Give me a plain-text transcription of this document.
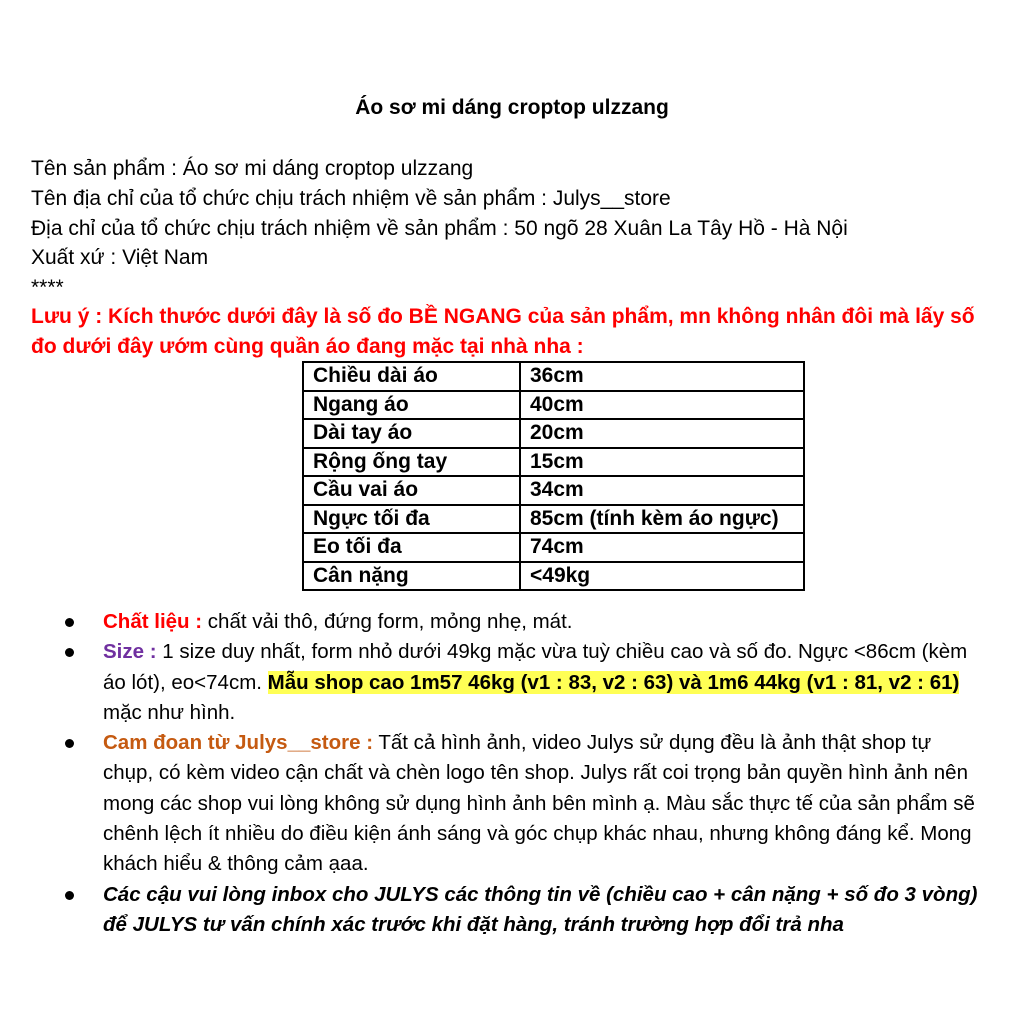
Áo sơ mi dáng croptop ulzzang
Tên sản phẩm : Áo sơ mi dáng croptop ulzzang
Tên địa chỉ của tổ chức chịu trách nhiệm về sản phẩm : Julys__store
Địa chỉ của tổ chức chịu trách nhiệm về sản phẩm : 50 ngõ 28 Xuân La Tây Hồ - Hà Nội
Xuất xứ : Việt Nam
****
Lưu ý : Kích thước dưới đây là số đo BỀ NGANG của sản phẩm, mn không nhân đôi mà lấy số đo dưới đây ướm cùng quần áo đang mặc tại nhà nha :
Chiều dài áo	36cm
Ngang áo	40cm
Dài tay áo	20cm
Rộng ống tay	15cm
Cầu vai áo	34cm
Ngực tối đa	85cm (tính kèm áo ngực)
Eo tối đa	74cm
Cân nặng	<49kg
Chất liệu : chất vải thô, đứng form, mỏng nhẹ, mát.
Size : 1 size duy nhất, form nhỏ dưới 49kg mặc vừa tuỳ chiều cao và số đo. Ngực <86cm (kèm áo lót), eo<74cm. Mẫu shop cao 1m57 46kg (v1 : 83, v2 : 63) và 1m6 44kg (v1 : 81, v2 : 61) mặc như hình.
Cam đoan từ Julys__store : Tất cả hình ảnh, video Julys sử dụng đều là ảnh thật shop tự chụp, có kèm video cận chất và chèn logo tên shop. Julys rất coi trọng bản quyền hình ảnh nên mong các shop vui lòng không sử dụng hình ảnh bên mình ạ. Màu sắc thực tế của sản phẩm sẽ chênh lệch ít nhiều do điều kiện ánh sáng và góc chụp khác nhau, nhưng không đáng kể. Mong khách hiểu & thông cảm ạaa.
Các cậu vui lòng inbox cho JULYS các thông tin về (chiều cao + cân nặng + số đo 3 vòng) để JULYS tư vấn chính xác trước khi đặt hàng, tránh trường hợp đổi trả nha
